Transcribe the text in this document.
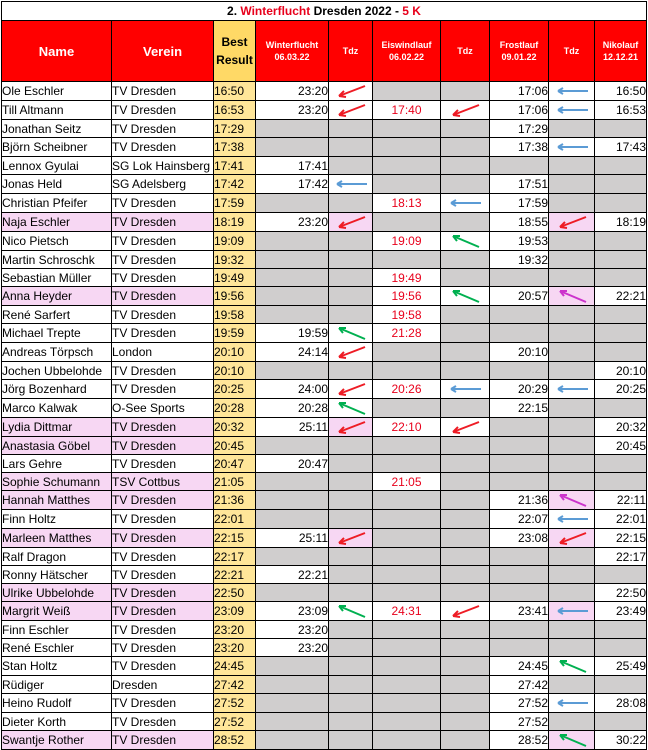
2. Winterflucht Dresden 2022 - 5 K									
Name	Verein	Best Result	Winterflucht 06.03.22	Tdz	Eiswindlauf 06.02.22	Tdz	Frostlauf 09.01.22	Tdz	Nikolauf 12.12.21
Ole Eschler	TV Dresden	16:50	23:20				17:06		16:50
Till Altmann	TV Dresden	16:53	23:20		17:40		17:06		16:53
Jonathan Seitz	TV Dresden	17:29					17:29		
Björn Scheibner	TV Dresden	17:38					17:38		17:43
Lennox Gyulai	SG Lok Hainsberg	17:41	17:41						
Jonas Held	SG Adelsberg	17:42	17:42				17:51		
Christian Pfeifer	TV Dresden	17:59			18:13		17:59		
Naja Eschler	TV Dresden	18:19	23:20				18:55		18:19
Nico Pietsch	TV Dresden	19:09			19:09		19:53		
Martin Schroschk	TV Dresden	19:32					19:32		
Sebastian Müller	TV Dresden	19:49			19:49				
Anna Heyder	TV Dresden	19:56			19:56		20:57		22:21
René Sarfert	TV Dresden	19:58			19:58				
Michael Trepte	TV Dresden	19:59	19:59		21:28				
Andreas Törpsch	London	20:10	24:14				20:10		
Jochen Ubbelohde	TV Dresden	20:10							20:10
Jörg Bozenhard	TV Dresden	20:25	24:00		20:26		20:29		20:25
Marco Kalwak	O-See Sports	20:28	20:28				22:15		
Lydia Dittmar	TV Dresden	20:32	25:11		22:10				20:32
Anastasia Göbel	TV Dresden	20:45							20:45
Lars Gehre	TV Dresden	20:47	20:47						
Sophie Schumann	TSV Cottbus	21:05			21:05				
Hannah Matthes	TV Dresden	21:36					21:36		22:11
Finn Holtz	TV Dresden	22:01					22:07		22:01
Marleen Matthes	TV Dresden	22:15	25:11				23:08		22:15
Ralf Dragon	TV Dresden	22:17							22:17
Ronny Hätscher	TV Dresden	22:21	22:21						
Ulrike Ubbelohde	TV Dresden	22:50							22:50
Margrit Weiß	TV Dresden	23:09	23:09		24:31		23:41		23:49
Finn Eschler	TV Dresden	23:20	23:20						
René Eschler	TV Dresden	23:20	23:20						
Stan Holtz	TV Dresden	24:45					24:45		25:49
Rüdiger	Dresden	27:42					27:42		
Heino Rudolf	TV Dresden	27:52					27:52		28:08
Dieter Korth	TV Dresden	27:52					27:52		
Swantje Rother	TV Dresden	28:52					28:52		30:22
